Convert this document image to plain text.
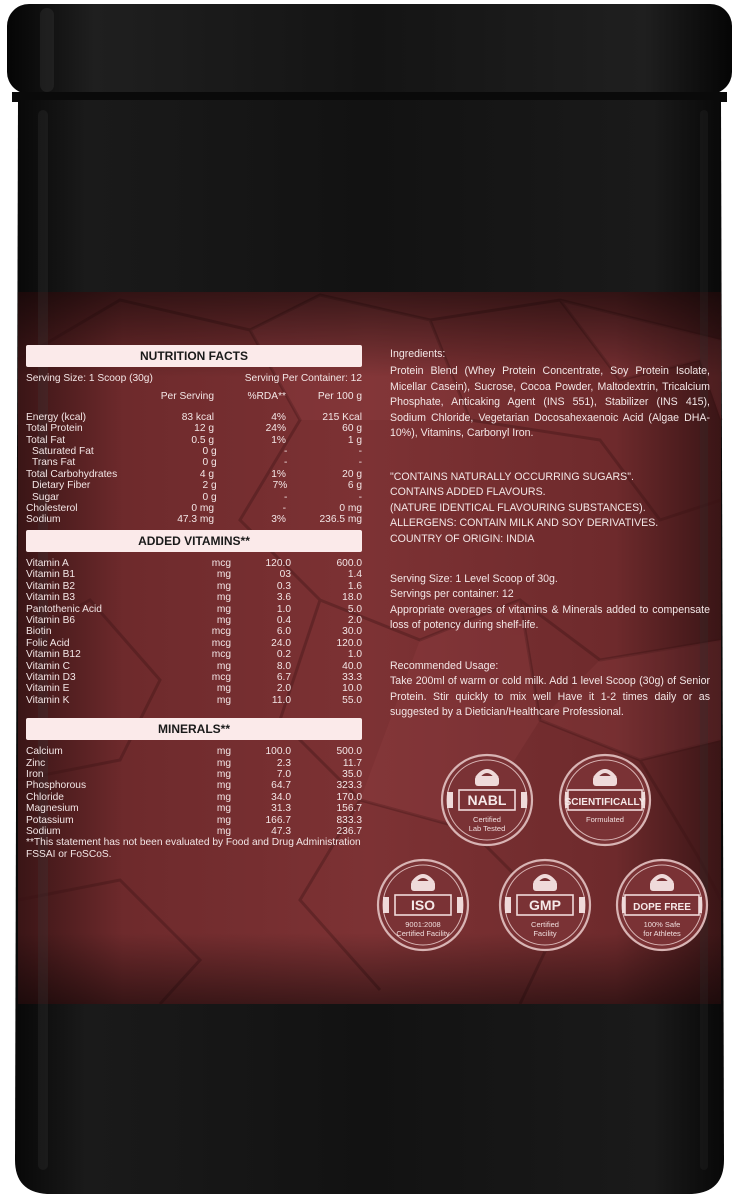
NUTRITION FACTS
Serving Size: 1 Scoop (30g)	Serving Per Container: 12
Per Serving	%RDA**	Per 100 g
Energy (kcal)	83 kcal	4%	215 Kcal
Total Protein	12 g	24%	60 g
Total Fat	0.5 g	1%	1 g
Saturated Fat	0 g	-	-
Trans Fat	0 g	-	-
Total Carbohydrates	4 g	1%	20 g
Dietary Fiber	2 g	7%	6 g
Sugar	0 g	-	-
Cholesterol	0 mg	-	0 mg
Sodium	47.3 mg	3%	236.5 mg
ADDED VITAMINS**
Vitamin A	mcg	120.0	600.0
Vitamin B1	mg	03	1.4
Vitamin B2	mg	0.3	1.6
Vitamin B3	mg	3.6	18.0
Pantothenic Acid	mg	1.0	5.0
Vitamin B6	mg	0.4	2.0
Biotin	mcg	6.0	30.0
Folic Acid	mcg	24.0	120.0
Vitamin B12	mcg	0.2	1.0
Vitamin C	mg	8.0	40.0
Vitamin D3	mcg	6.7	33.3
Vitamin E	mg	2.0	10.0
Vitamin K	mg	11.0	55.0
MINERALS**
Calcium	mg	100.0	500.0
Zinc	mg	2.3	11.7
Iron	mg	7.0	35.0
Phosphorous	mg	64.7	323.3
Chloride	mg	34.0	170.0
Magnesium	mg	31.3	156.7
Potassium	mg	166.7	833.3
Sodium	mg	47.3	236.7
**This statement has not been evaluated by Food and Drug Administration
FSSAI or FoSCoS.
Ingredients:
Protein Blend (Whey Protein Concentrate, Soy Protein Isolate, Micellar Casein), Sucrose, Cocoa Powder, Maltodextrin, Tricalcium Phosphate, Anticaking Agent (INS 551), Stabilizer (INS 415), Sodium Chloride, Vegetarian Docosahexaenoic Acid (Algae DHA-10%), Vitamins, Carbonyl Iron.
"CONTAINS NATURALLY OCCURRING SUGARS".
CONTAINS ADDED FLAVOURS.
(NATURE IDENTICAL FLAVOURING SUBSTANCES).
ALLERGENS: CONTAIN MILK AND SOY DERIVATIVES.
COUNTRY OF ORIGIN: INDIA
Serving Size: 1 Level Scoop of 30g.
Servings per container: 12
Appropriate overages of vitamins & Minerals added to compensate loss of potency during shelf-life.
Recommended Usage:
Take 200ml of warm or cold milk. Add 1 level Scoop (30g) of Senior Protein. Stir quickly to mix well Have it 1-2 times daily or as suggested by a Dietician/Healthcare Professional.
NABL
Certified
Lab Tested
SCIENTIFICALLY
Formulated
ISO
9001:2008
Certified Facility
GMP
Certified
Facility
DOPE FREE
100% Safe
for Athletes
